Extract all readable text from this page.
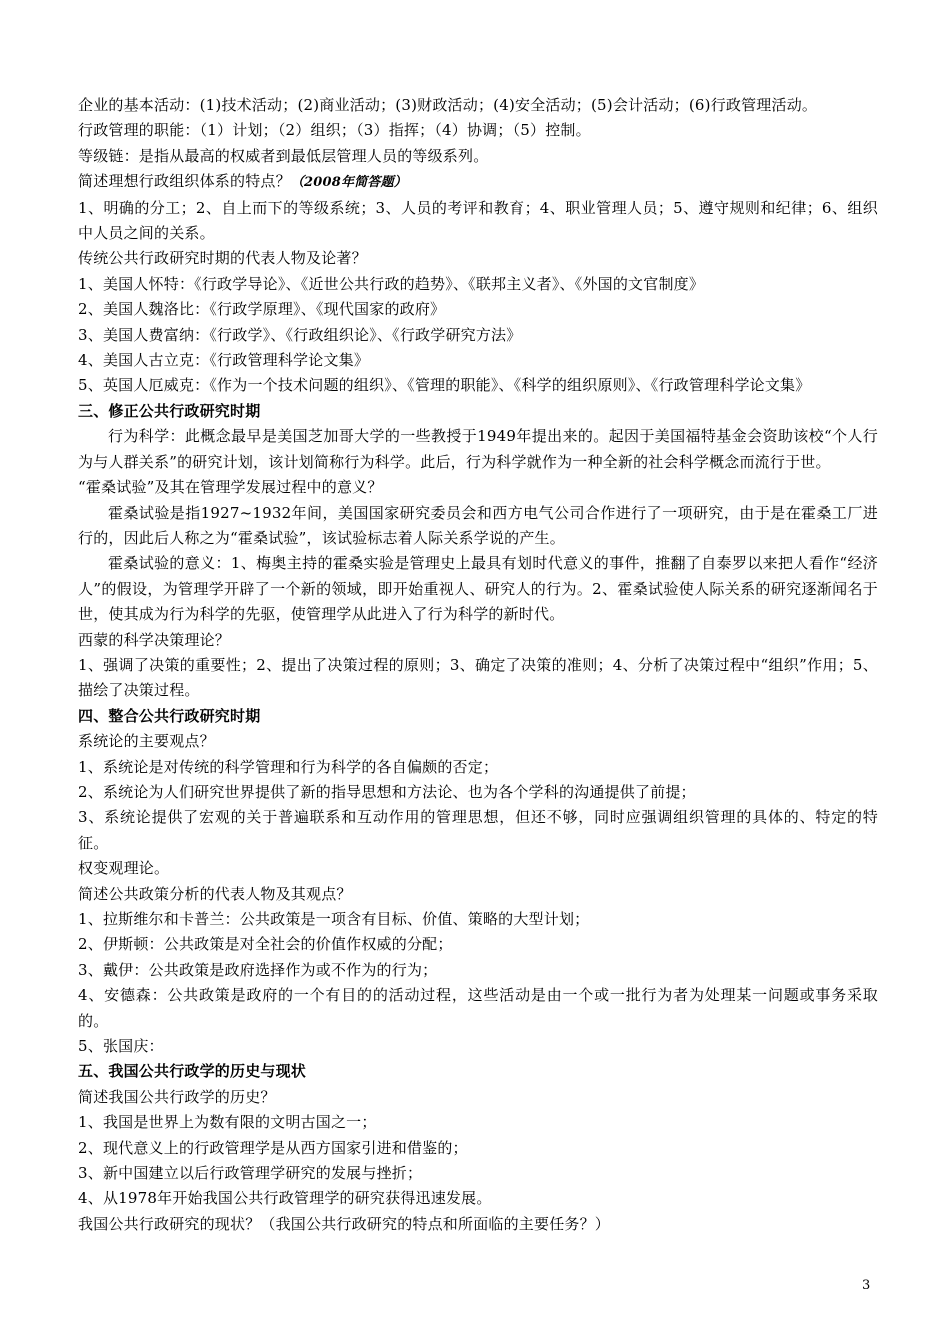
企业的基本活动：(1)技术活动；(2)商业活动；(3)财政活动；(4)安全活动；(5)会计活动；(6)行政管理活动。
行政管理的职能：（1）计划；（2）组织；（3）指挥；（4）协调；（5）控制。
等级链：是指从最高的权威者到最低层管理人员的等级系列。
简述理想行政组织体系的特点？（2008年简答题）
1、明确的分工；2、自上而下的等级系统；3、人员的考评和教育；4、职业管理人员；5、遵守规则和纪律；6、组织中人员之间的关系。
传统公共行政研究时期的代表人物及论著？
1、美国人怀特：《行政学导论》、《近世公共行政的趋势》、《联邦主义者》、《外国的文官制度》
2、美国人魏洛比：《行政学原理》、《现代国家的政府》
3、美国人费富纳：《行政学》、《行政组织论》、《行政学研究方法》
4、美国人古立克：《行政管理科学论文集》
5、英国人厄威克：《作为一个技术问题的组织》、《管理的职能》、《科学的组织原则》、《行政管理科学论文集》
三、修正公共行政研究时期
行为科学：此概念最早是美国芝加哥大学的一些教授于1949年提出来的。起因于美国福特基金会资助该校“个人行为与人群关系”的研究计划，该计划简称行为科学。此后，行为科学就作为一种全新的社会科学概念而流行于世。
“霍桑试验”及其在管理学发展过程中的意义？
霍桑试验是指1927~1932年间，美国国家研究委员会和西方电气公司合作进行了一项研究，由于是在霍桑工厂进行的，因此后人称之为“霍桑试验”，该试验标志着人际关系学说的产生。
霍桑试验的意义：1、梅奥主持的霍桑实验是管理史上最具有划时代意义的事件，推翻了自泰罗以来把人看作“经济人”的假设，为管理学开辟了一个新的领域，即开始重视人、研究人的行为。2、霍桑试验使人际关系的研究逐渐闻名于世，使其成为行为科学的先驱，使管理学从此进入了行为科学的新时代。
西蒙的科学决策理论？
1、强调了决策的重要性；2、提出了决策过程的原则；3、确定了决策的准则；4、分析了决策过程中“组织”作用；5、描绘了决策过程。
四、整合公共行政研究时期
系统论的主要观点？
1、系统论是对传统的科学管理和行为科学的各自偏颇的否定；
2、系统论为人们研究世界提供了新的指导思想和方法论、也为各个学科的沟通提供了前提；
3、系统论提供了宏观的关于普遍联系和互动作用的管理思想，但还不够，同时应强调组织管理的具体的、特定的特征。
权变观理论。
简述公共政策分析的代表人物及其观点？
1、拉斯维尔和卡普兰：公共政策是一项含有目标、价值、策略的大型计划；
2、伊斯顿：公共政策是对全社会的价值作权威的分配；
3、戴伊：公共政策是政府选择作为或不作为的行为；
4、安德森：公共政策是政府的一个有目的的活动过程，这些活动是由一个或一批行为者为处理某一问题或事务采取的。
5、张国庆：
五、我国公共行政学的历史与现状
简述我国公共行政学的历史？
1、我国是世界上为数有限的文明古国之一；
2、现代意义上的行政管理学是从西方国家引进和借鉴的；
3、新中国建立以后行政管理学研究的发展与挫折；
4、从1978年开始我国公共行政管理学的研究获得迅速发展。
我国公共行政研究的现状？（我国公共行政研究的特点和所面临的主要任务？）
3
